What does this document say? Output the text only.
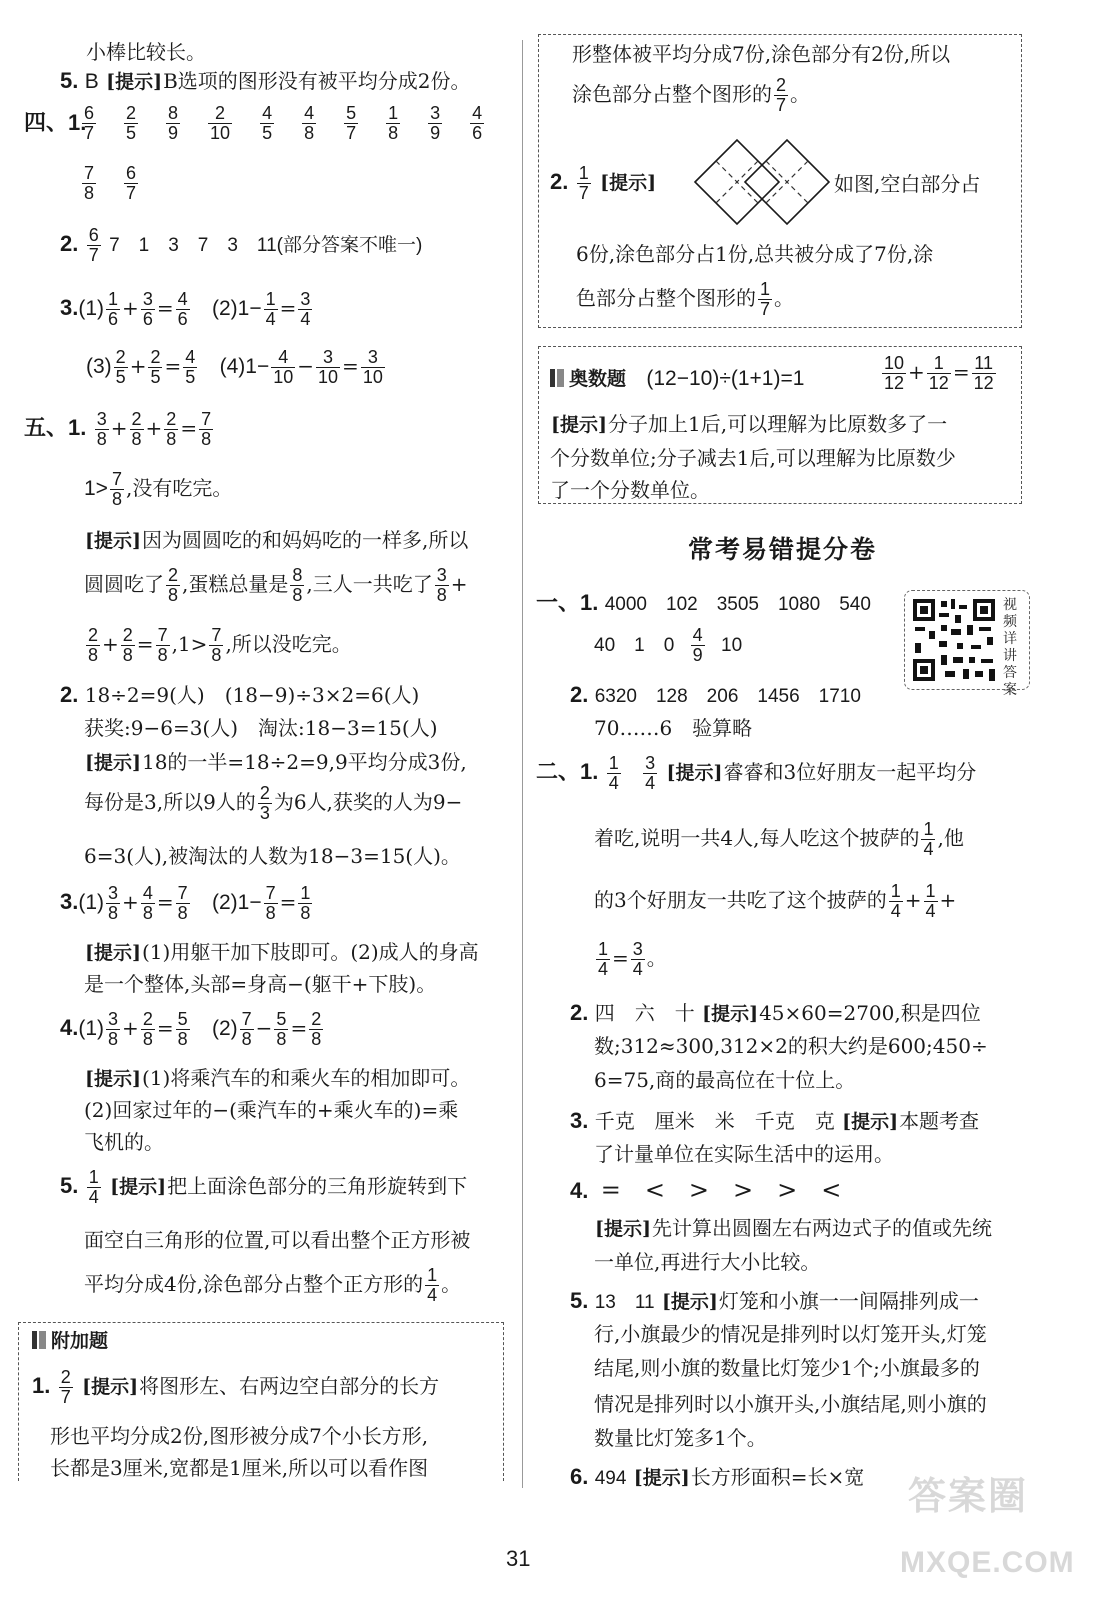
小棒比较长。
5. B [提示]B选项的图形没有被平均分成2份。
四、1.
$\frac{6}{7} \frac{2}{5} \frac{8}{9} \frac{2}{10} \frac{4}{5} \frac{4}{8} \frac{5}{7} \frac{1}{8} \frac{3}{9} \frac{4}{6}$
$\frac{7}{8} \frac{6}{7}$
2. $\frac{6}{7} 7$　1　3　7　3　11(部分答案不唯一)
$3.(1) \frac{1}{6} + \frac{3}{6} = \frac{4}{6} (2)1- \frac{1}{4} = \frac{3}{4}$
$(3) \frac{2}{5} + \frac{2}{5} = \frac{4}{5} (4)1- \frac{4}{10} - \frac{3}{10} = \frac{3}{10}$
五、1. $\frac{3}{8} + \frac{2}{8} + \frac{2}{8} = \frac{7}{8}$
$1> \frac{7}{8}$ ,没有吃完。
[提示]因为圆圆吃的和妈妈吃的一样多,所以
圆圆吃了 $\frac{2}{8}$ ,蛋糕总量是 $\frac{8}{8}$ ,三人一共吃了 $\frac{3}{8}$ +
$\frac{2}{8} + \frac{2}{8} = \frac{7}{8} ,1> \frac{7}{8}$ ,所以没吃完。
2. 18÷2=9(人)　(18−9)÷3×2=6(人)
获奖:9−6=3(人)　淘汰:18−3=15(人)
[提示]18的一半=18÷2=9,9平均分成3份,
每份是3,所以9人的 $\frac{2}{3}$ 为6人,获奖的人为9−
6=3(人),被淘汰的人数为18−3=15(人)。
$3.(1) \frac{3}{8} + \frac{4}{8} = \frac{7}{8} (2)1- \frac{7}{8} = \frac{1}{8}$
[提示](1)用躯干加下肢即可。(2)成人的身高
是一个整体,头部=身高−(躯干+下肢)。
$4.(1) \frac{3}{8} + \frac{2}{8} = \frac{5}{8} (2) \frac{7}{8} - \frac{5}{8} = \frac{2}{8}$
[提示](1)将乘汽车的和乘火车的相加即可。
(2)回家过年的−(乘汽车的+乘火车的)=乘
飞机的。
5. $\frac{1}{4}$ [提示]把上面涂色部分的三角形旋转到下
面空白三角形的位置,可以看出整个正方形被
平均分成4份,涂色部分占整个正方形的 $\frac{1}{4}$ 。
附加题
1. $\frac{2}{7}$ [提示]将图形左、右两边空白部分的长方
形也平均分成2份,图形被分成7个小长方形,
长都是3厘米,宽都是1厘米,所以可以看作图
形整体被平均分成7份,涂色部分有2份,所以
涂色部分占整个图形的 $\frac{2}{7}$ 。
2. $\frac{1}{7}$ [提示]	如图,空白部分占
6份,涂色部分占1份,总共被分成了7份,涂
色部分占整个图形的 $\frac{1}{7}$ 。
奥数题 (12−10)÷(1+1)=1	$\frac{10}{12} + \frac{1}{12} = \frac{11}{12}$
[提示]分子加上1后,可以理解为比原数多了一
个分数单位;分子减去1后,可以理解为比原数少
了一个分数单位。
常考易错提分卷
视频详讲答案
一、1. 4000　102　3505　1080　540
40　1　$0 \frac{4}{9} 10$
2. 6320　128　206　1456　1710
70……6　验算略
二、1. $\frac{1}{4}$
$\frac{3}{4}$ [提示]睿睿和3位好朋友一起平均分
着吃,说明一共4人,每人吃这个披萨的 $\frac{1}{4}$ ,他
的3个好朋友一共吃了这个披萨的 $\frac{1}{4} + \frac{1}{4}$ +
$\frac{1}{4} = \frac{3}{4}$ 。
2. 四　六　十 [提示]45×60=2700,积是四位
数;312≈300,312×2的积大约是600;450÷
6=75,商的最高位在十位上。
3. 千克　厘米　米　千克　克 [提示]本题考查
了计量单位在实际生活中的运用。
4. =　<　>　>　>　<
[提示]先计算出圆圈左右两边式子的值或先统
一单位,再进行大小比较。
5. 13　11 [提示]灯笼和小旗一一间隔排列成一
行,小旗最少的情况是排列时以灯笼开头,灯笼
结尾,则小旗的数量比灯笼少1个;小旗最多的
情况是排列时以小旗开头,小旗结尾,则小旗的
数量比灯笼多1个。
6. 494 [提示]长方形面积=长×宽
31
答案圈
MXQE.COM
